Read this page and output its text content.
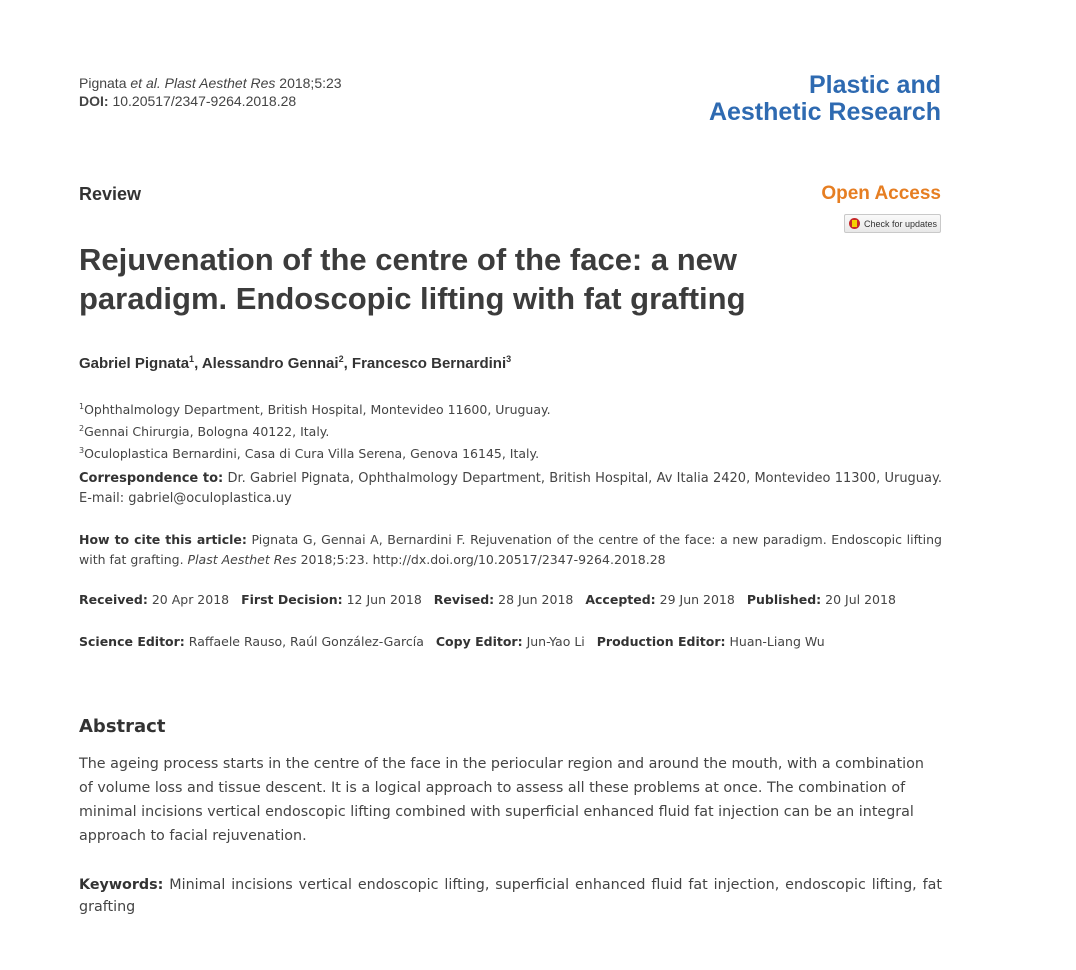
Pignata et al. Plast Aesthet Res 2018;5:23
DOI: 10.20517/2347-9264.2018.28
Plastic and
Aesthetic Research
Review	Open Access
Check for updates
Rejuvenation of the centre of the face: a new paradigm. Endoscopic lifting with fat grafting
Gabriel Pignata$^1$, Alessandro Gennai$^2$, Francesco Bernardini$^3$
$^1$Ophthalmology Department, British Hospital, Montevideo 11600, Uruguay.
$^2$Gennai Chirurgia, Bologna 40122, Italy.
$^3$Oculoplastica Bernardini, Casa di Cura Villa Serena, Genova 16145, Italy.
Correspondence to: Dr. Gabriel Pignata, Ophthalmology Department, British Hospital, Av Italia 2420, Montevideo 11300, Uruguay. E-mail: gabriel@oculoplastica.uy
How to cite this article: Pignata G, Gennai A, Bernardini F. Rejuvenation of the centre of the face: a new paradigm. Endoscopic lifting with fat grafting. Plast Aesthet Res 2018;5:23. http://dx.doi.org/10.20517/2347-9264.2018.28
Received: 20 Apr 2018 First Decision: 12 Jun 2018 Revised: 28 Jun 2018 Accepted: 29 Jun 2018 Published: 20 Jul 2018
Science Editor: Raffaele Rauso, Raúl González-García Copy Editor: Jun-Yao Li Production Editor: Huan-Liang Wu
Abstract
The ageing process starts in the centre of the face in the periocular region and around the mouth, with a combination of volume loss and tissue descent. It is a logical approach to assess all these problems at once. The combination of minimal incisions vertical endoscopic lifting combined with superficial enhanced fluid fat injection can be an integral approach to facial rejuvenation.
Keywords: Minimal incisions vertical endoscopic lifting, superficial enhanced fluid fat injection, endoscopic lifting, fat grafting
